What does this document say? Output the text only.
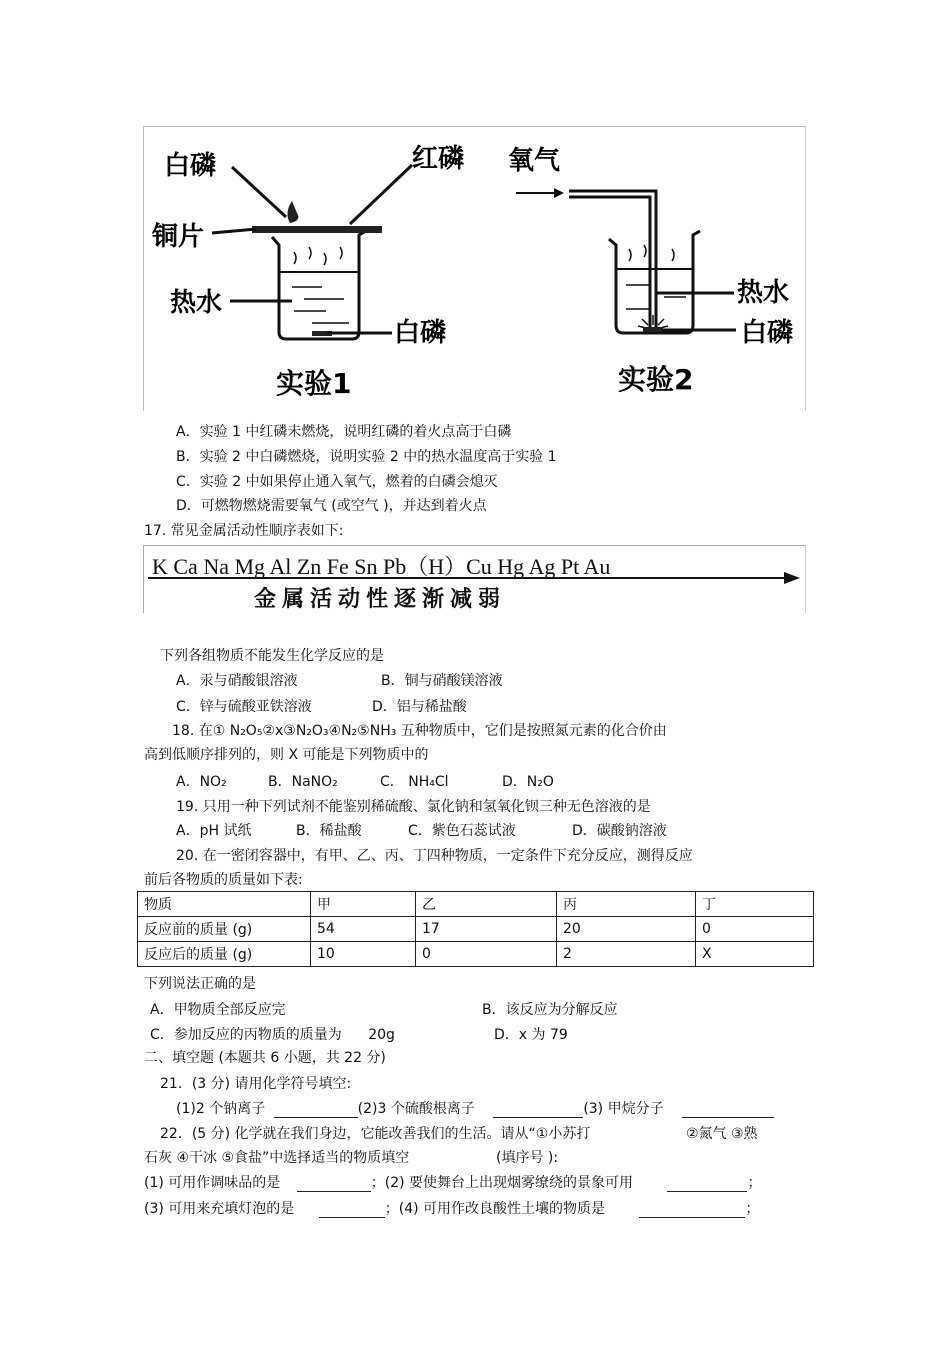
白磷	红磷
铜片
热水
白磷
实验1
氧气
热水
白磷
实验2
A．实验 1 中红磷未燃烧，说明红磷的着火点高于白磷
B．实验 2 中白磷燃烧，说明实验 2 中的热水温度高于实验 1
C．实验 2 中如果停止通入氧气，燃着的白磷会熄灭
D．可燃物燃烧需要氧气 (或空气 )，并达到着火点
17. 常见金属活动性顺序表如下:
K Ca Na Mg Al Zn Fe Sn Pb（H）Cu Hg Ag Pt Au
金属活动性逐渐减弱
下列各组物质不能发生化学反应的是
A．汞与硝酸银溶液	B．铜与硝酸镁溶液
C．锌与硫酸亚铁溶液	D．铝与稀盐酸
18. 在① N₂O₅②x③N₂O₃④N₂⑤NH₃ 五种物质中，它们是按照氮元素的化合价由
高到低顺序排列的，则 X 可能是下列物质中的
A．NO₂	B．NaNO₂	C． NH₄Cl	D．N₂O
19. 只用一种下列试剂不能鉴别稀硫酸、氯化钠和氢氧化钡三种无色溶液的是
A．pH 试纸	B．稀盐酸	C．紫色石蕊试液	D．碳酸钠溶液
20. 在一密闭容器中，有甲、乙、丙、丁四种物质，一定条件下充分反应，测得反应
前后各物质的质量如下表:
物质	甲	乙	丙	丁
反应前的质量 (g)	54	17	20	0
反应后的质量 (g)	10	0	2	X
下列说法正确的是
A．甲物质全部反应完	B．该反应为分解反应
C．参加反应的丙物质的质量为 20g	D．x 为 79
二、填空题 (本题共 6 小题，共 22 分)
21．(3 分) 请用化学符号填空:
(1)2 个钠离子	(2)3 个硫酸根离子	(3) 甲烷分子
22．(5 分) 化学就在我们身边，它能改善我们的生活。请从“①小苏打	②氮气 ③熟
石灰 ④干冰 ⑤食盐”中选择适当的物质填空	(填序号 ):
(1) 可用作调味品的是	；(2) 要使舞台上出现烟雾缭绕的景象可用	；
(3) 可用来充填灯泡的是	；(4) 可用作改良酸性土壤的物质是	；
